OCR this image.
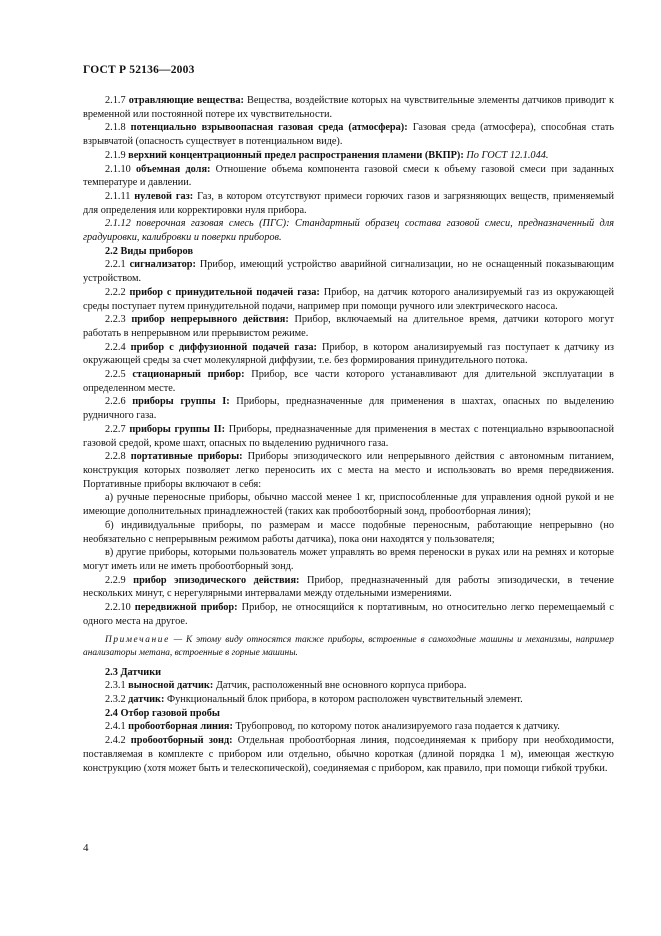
ГОСТ Р 52136—2003

2.1.7 отравляющие вещества: Вещества, воздействие которых на чувствительные элементы датчиков приводит к временной или постоянной потере их чувствительности.

2.1.8 потенциально взрывоопасная газовая среда (атмосфера): Газовая среда (атмосфера), способная стать взрывчатой (опасность существует в потенциальном виде).

2.1.9 верхний концентрационный предел распространения пламени (ВКПР): По ГОСТ 12.1.044.

2.1.10 объемная доля: Отношение объема компонента газовой смеси к объему газовой смеси при заданных температуре и давлении.

2.1.11 нулевой газ: Газ, в котором отсутствуют примеси горючих газов и загрязняющих веществ, применяемый для определения или корректировки нуля прибора.

2.1.12 поверочная газовая смесь (ПГС): Стандартный образец состава газовой смеси, предназначенный для градуировки, калибровки и поверки приборов.

2.2 Виды приборов

2.2.1 сигнализатор: Прибор, имеющий устройство аварийной сигнализации, но не оснащенный показывающим устройством.

2.2.2 прибор с принудительной подачей газа: Прибор, на датчик которого анализируемый газ из окружающей среды поступает путем принудительной подачи, например при помощи ручного или электрического насоса.

2.2.3 прибор непрерывного действия: Прибор, включаемый на длительное время, датчики которого могут работать в непрерывном или прерывистом режиме.

2.2.4 прибор с диффузионной подачей газа: Прибор, в котором анализируемый газ поступает к датчику из окружающей среды за счет молекулярной диффузии, т.е. без формирования принудительного потока.

2.2.5 стационарный прибор: Прибор, все части которого устанавливают для длительной эксплуатации в определенном месте.

2.2.6 приборы группы I: Приборы, предназначенные для применения в шахтах, опасных по выделению рудничного газа.

2.2.7 приборы группы II: Приборы, предназначенные для применения в местах с потенциально взрывоопасной газовой средой, кроме шахт, опасных по выделению рудничного газа.

2.2.8 портативные приборы: Приборы эпизодического или непрерывного действия с автономным питанием, конструкция которых позволяет легко переносить их с места на место и использовать во время передвижения. Портативные приборы включают в себя:

а) ручные переносные приборы, обычно массой менее 1 кг, приспособленные для управления одной рукой и не имеющие дополнительных принадлежностей (таких как пробоотборный зонд, пробоотборная линия);

б) индивидуальные приборы, по размерам и массе подобные переносным, работающие непрерывно (но необязательно с непрерывным режимом работы датчика), пока они находятся у пользователя;

в) другие приборы, которыми пользователь может управлять во время переноски в руках или на ремнях и которые могут иметь или не иметь пробоотборный зонд.

2.2.9 прибор эпизодического действия: Прибор, предназначенный для работы эпизодически, в течение нескольких минут, с нерегулярными интервалами между отдельными измерениями.

2.2.10 передвижной прибор: Прибор, не относящийся к портативным, но относительно легко перемещаемый с одного места на другое.

Примечание — К этому виду относятся также приборы, встроенные в самоходные машины и механизмы, например анализаторы метана, встроенные в горные машины.

2.3 Датчики

2.3.1 выносной датчик: Датчик, расположенный вне основного корпуса прибора.

2.3.2 датчик: Функциональный блок прибора, в котором расположен чувствительный элемент.

2.4 Отбор газовой пробы

2.4.1 пробоотборная линия: Трубопровод, по которому поток анализируемого газа подается к датчику.

2.4.2 пробоотборный зонд: Отдельная пробоотборная линия, подсоединяемая к прибору при необходимости, поставляемая в комплекте с прибором или отдельно, обычно короткая (длиной порядка 1 м), имеющая жесткую конструкцию (хотя может быть и телескопической), соединяемая с прибором, как правило, при помощи гибкой трубки.

4
